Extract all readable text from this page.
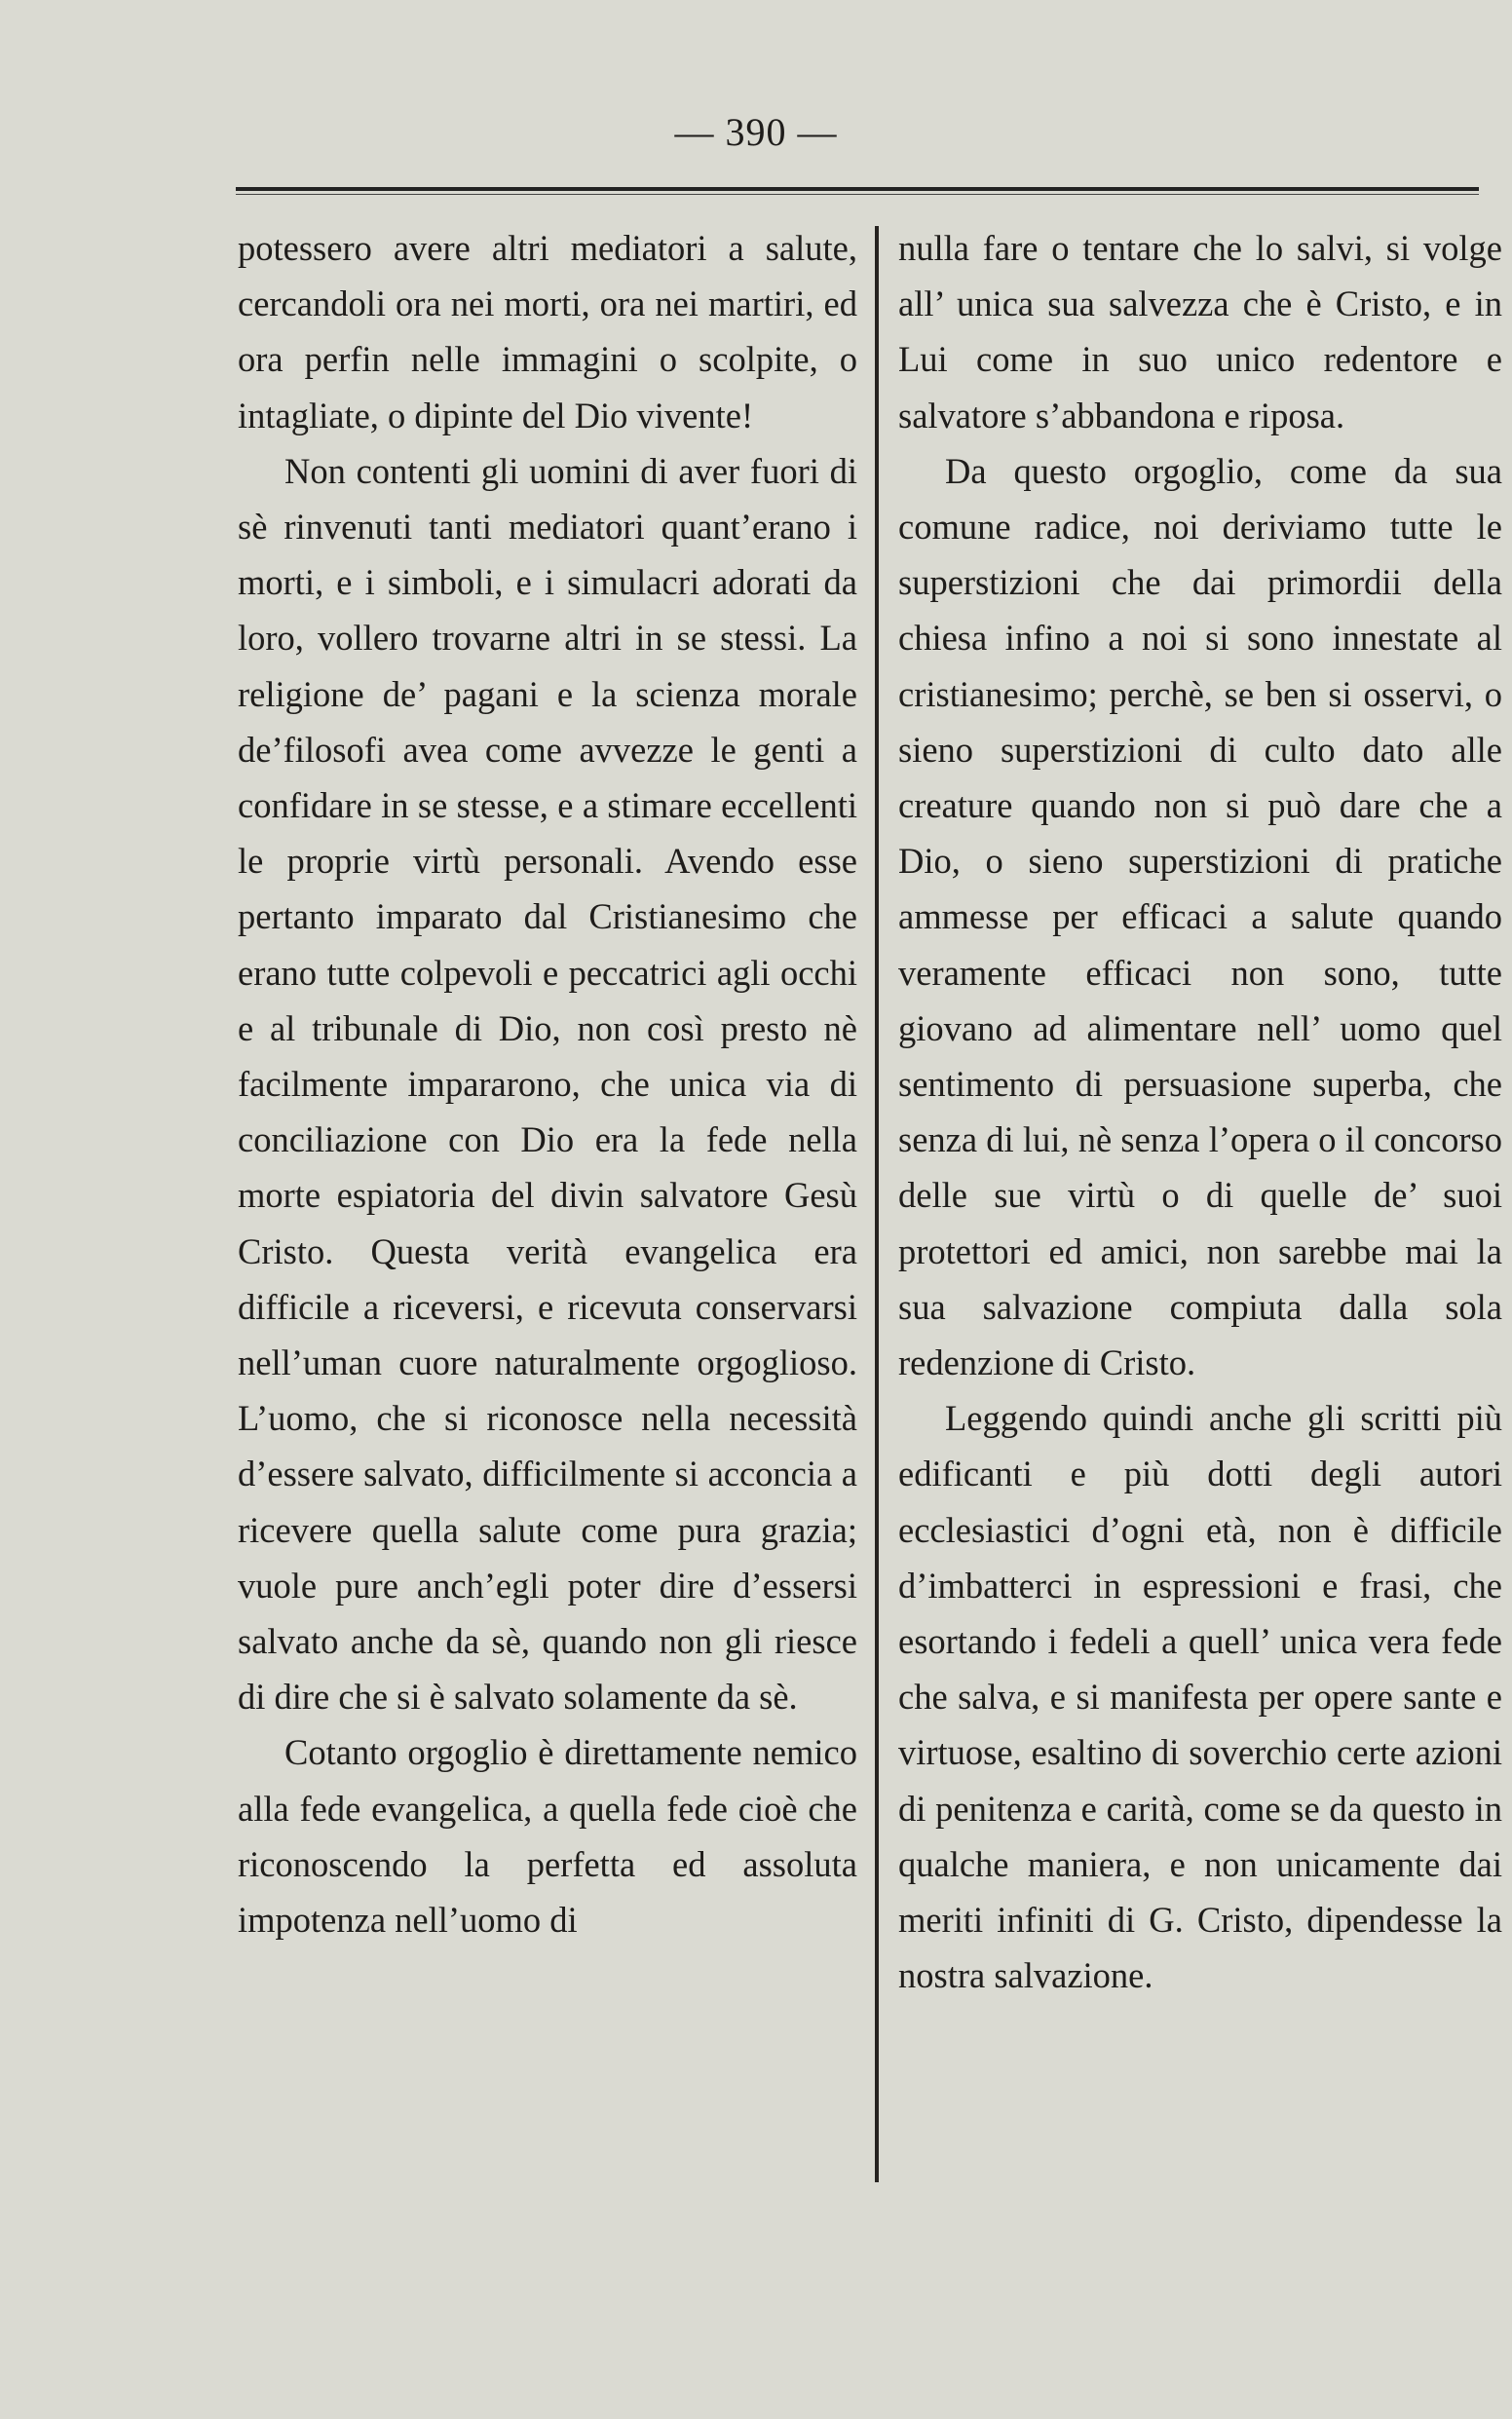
— 390 —

potessero avere altri mediatori a salute, cercandoli ora nei morti, ora nei martiri, ed ora perfin nelle immagini o scolpite, o intagliate, o dipinte del Dio vivente!

Non contenti gli uomini di aver fuori di sè rinvenuti tanti mediatori quant’erano i morti, e i simboli, e i simulacri adorati da loro, vollero trovarne altri in se stessi. La religione de’ pagani e la scienza morale de’filosofi avea come avvezze le genti a confidare in se stesse, e a stimare eccellenti le proprie virtù personali. Avendo esse pertanto imparato dal Cristianesimo che erano tutte colpevoli e peccatrici agli occhi e al tribunale di Dio, non così presto nè facilmente impararono, che unica via di conciliazione con Dio era la fede nella morte espiatoria del divin salvatore Gesù Cristo. Questa verità evangelica era difficile a riceversi, e ricevuta conservarsi nell’uman cuore naturalmente orgoglioso. L’uomo, che si riconosce nella necessità d’essere salvato, difficilmente si acconcia a ricevere quella salute come pura grazia; vuole pure anch’egli poter dire d’essersi salvato anche da sè, quando non gli riesce di dire che si è salvato solamente da sè.

Cotanto orgoglio è direttamente nemico alla fede evangelica, a quella fede cioè che riconoscendo la perfetta ed assoluta impotenza nell’uomo di

nulla fare o tentare che lo salvi, si volge all’ unica sua salvezza che è Cristo, e in Lui come in suo unico redentore e salvatore s’abbandona e riposa.

Da questo orgoglio, come da sua comune radice, noi deriviamo tutte le superstizioni che dai primordii della chiesa infino a noi si sono innestate al cristianesimo; perchè, se ben si osservi, o sieno superstizioni di culto dato alle creature quando non si può dare che a Dio, o sieno superstizioni di pratiche ammesse per efficaci a salute quando veramente efficaci non sono, tutte giovano ad alimentare nell’ uomo quel sentimento di persuasione superba, che senza di lui, nè senza l’opera o il concorso delle sue virtù o di quelle de’ suoi protettori ed amici, non sarebbe mai la sua salvazione compiuta dalla sola redenzione di Cristo.

Leggendo quindi anche gli scritti più edificanti e più dotti degli autori ecclesiastici d’ogni età, non è difficile d’imbatterci in espressioni e frasi, che esortando i fedeli a quell’ unica vera fede che salva, e si manifesta per opere sante e virtuose, esaltino di soverchio certe azioni di penitenza e carità, come se da questo in qualche maniera, e non unicamente dai meriti infiniti di G. Cristo, dipendesse la nostra salvazione.
